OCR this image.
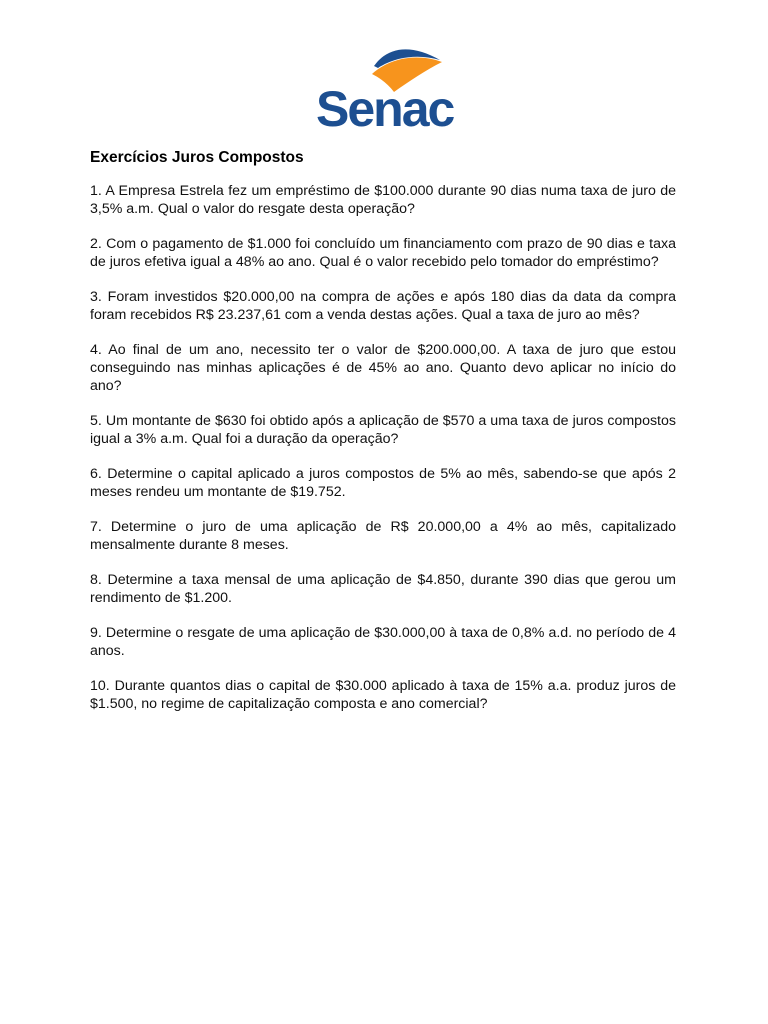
Senac
Exercícios Juros Compostos

1. A Empresa Estrela fez um empréstimo de $100.000 durante 90 dias numa taxa de juro de 3,5% a.m. Qual o valor do resgate desta operação?

2. Com o pagamento de $1.000 foi concluído um financiamento com prazo de 90 dias e taxa de juros efetiva igual a 48% ao ano. Qual é o valor recebido pelo tomador do empréstimo?

3. Foram investidos $20.000,00 na compra de ações e após 180 dias da data da compra foram recebidos R$ 23.237,61 com a venda destas ações. Qual a taxa de juro ao mês?

4. Ao final de um ano, necessito ter o valor de $200.000,00. A taxa de juro que estou conseguindo nas minhas aplicações é de 45% ao ano. Quanto devo aplicar no início do ano?

5. Um montante de $630 foi obtido após a aplicação de $570 a uma taxa de juros compostos igual a 3% a.m. Qual foi a duração da operação?

6. Determine o capital aplicado a juros compostos de 5% ao mês, sabendo-se que após 2 meses rendeu um montante de $19.752.

7. Determine o juro de uma aplicação de R$ 20.000,00 a 4% ao mês, capitalizado mensalmente durante 8 meses.

8. Determine a taxa mensal de uma aplicação de $4.850, durante 390 dias que gerou um rendimento de $1.200.

9. Determine o resgate de uma aplicação de $30.000,00 à taxa de 0,8% a.d. no período de 4 anos.

10. Durante quantos dias o capital de $30.000 aplicado à taxa de 15% a.a. produz juros de $1.500, no regime de capitalização composta e ano comercial?
